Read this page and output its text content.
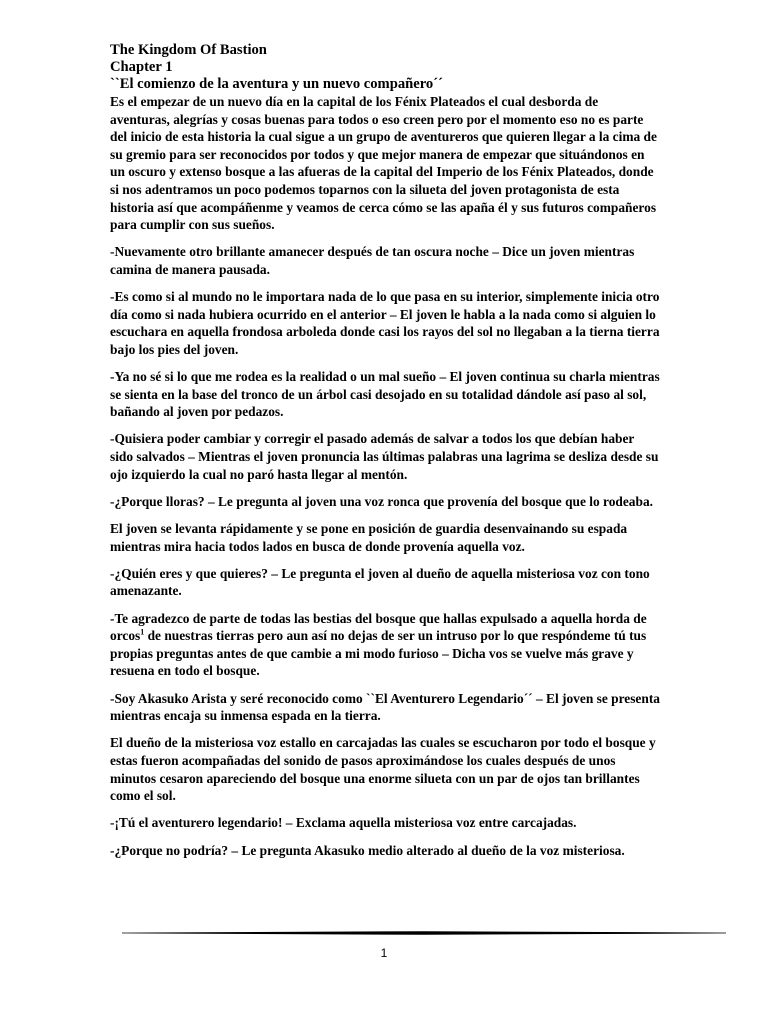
The Kingdom Of Bastion
Chapter 1
``El comienzo de la aventura y un nuevo compañero´´

Es el empezar de un nuevo día en la capital de los Fénix Plateados el cual desborda de aventuras, alegrías y cosas buenas para todos o eso creen pero por el momento eso no es parte del inicio de esta historia la cual sigue a un grupo de aventureros que quieren llegar a la cima de su gremio para ser reconocidos por todos y que mejor manera de empezar que situándonos en un oscuro y extenso bosque a las afueras de la capital del Imperio de los Fénix Plateados, donde si nos adentramos un poco podemos toparnos con la silueta del joven protagonista de esta historia así que acompáñenme y veamos de cerca cómo se las apaña él y sus futuros compañeros para cumplir con sus sueños.

-Nuevamente otro brillante amanecer después de tan oscura noche – Dice un joven mientras camina de manera pausada.

-Es como si al mundo no le importara nada de lo que pasa en su interior, simplemente inicia otro día como si nada hubiera ocurrido en el anterior – El joven le habla a la nada como si alguien lo escuchara en aquella frondosa arboleda donde casi los rayos del sol no llegaban a la tierna tierra bajo los pies del joven.

-Ya no sé si lo que me rodea es la realidad o un mal sueño – El joven continua su charla mientras se sienta en la base del tronco de un árbol casi desojado en su totalidad dándole así paso al sol, bañando al joven por pedazos.

-Quisiera poder cambiar y corregir el pasado además de salvar a todos los que debían haber sido salvados – Mientras el joven pronuncia las últimas palabras una lagrima se desliza desde su ojo izquierdo la cual no paró hasta llegar al mentón.

-¿Porque lloras? – Le pregunta al joven una voz ronca que provenía del bosque que lo rodeaba.

El joven se levanta rápidamente y se pone en posición de guardia desenvainando su espada mientras mira hacia todos lados en busca de donde provenía aquella voz.

-¿Quién eres y que quieres? – Le pregunta el joven al dueño de aquella misteriosa voz con tono amenazante.

-Te agradezco de parte de todas las bestias del bosque que hallas expulsado a aquella horda de orcos$^1$ de nuestras tierras pero aun así no dejas de ser un intruso por lo que respóndeme tú tus propias preguntas antes de que cambie a mi modo furioso – Dicha vos se vuelve más grave y resuena en todo el bosque.

-Soy Akasuko Arista y seré reconocido como ``El Aventurero Legendario´´ – El joven se presenta mientras encaja su inmensa espada en la tierra.

El dueño de la misteriosa voz estallo en carcajadas las cuales se escucharon por todo el bosque y estas fueron acompañadas del sonido de pasos aproximándose los cuales después de unos minutos cesaron apareciendo del bosque una enorme silueta con un par de ojos tan brillantes como el sol.

-¡Tú el aventurero legendario! – Exclama aquella misteriosa voz entre carcajadas.

-¿Porque no podría? – Le pregunta Akasuko medio alterado al dueño de la voz misteriosa.

1
